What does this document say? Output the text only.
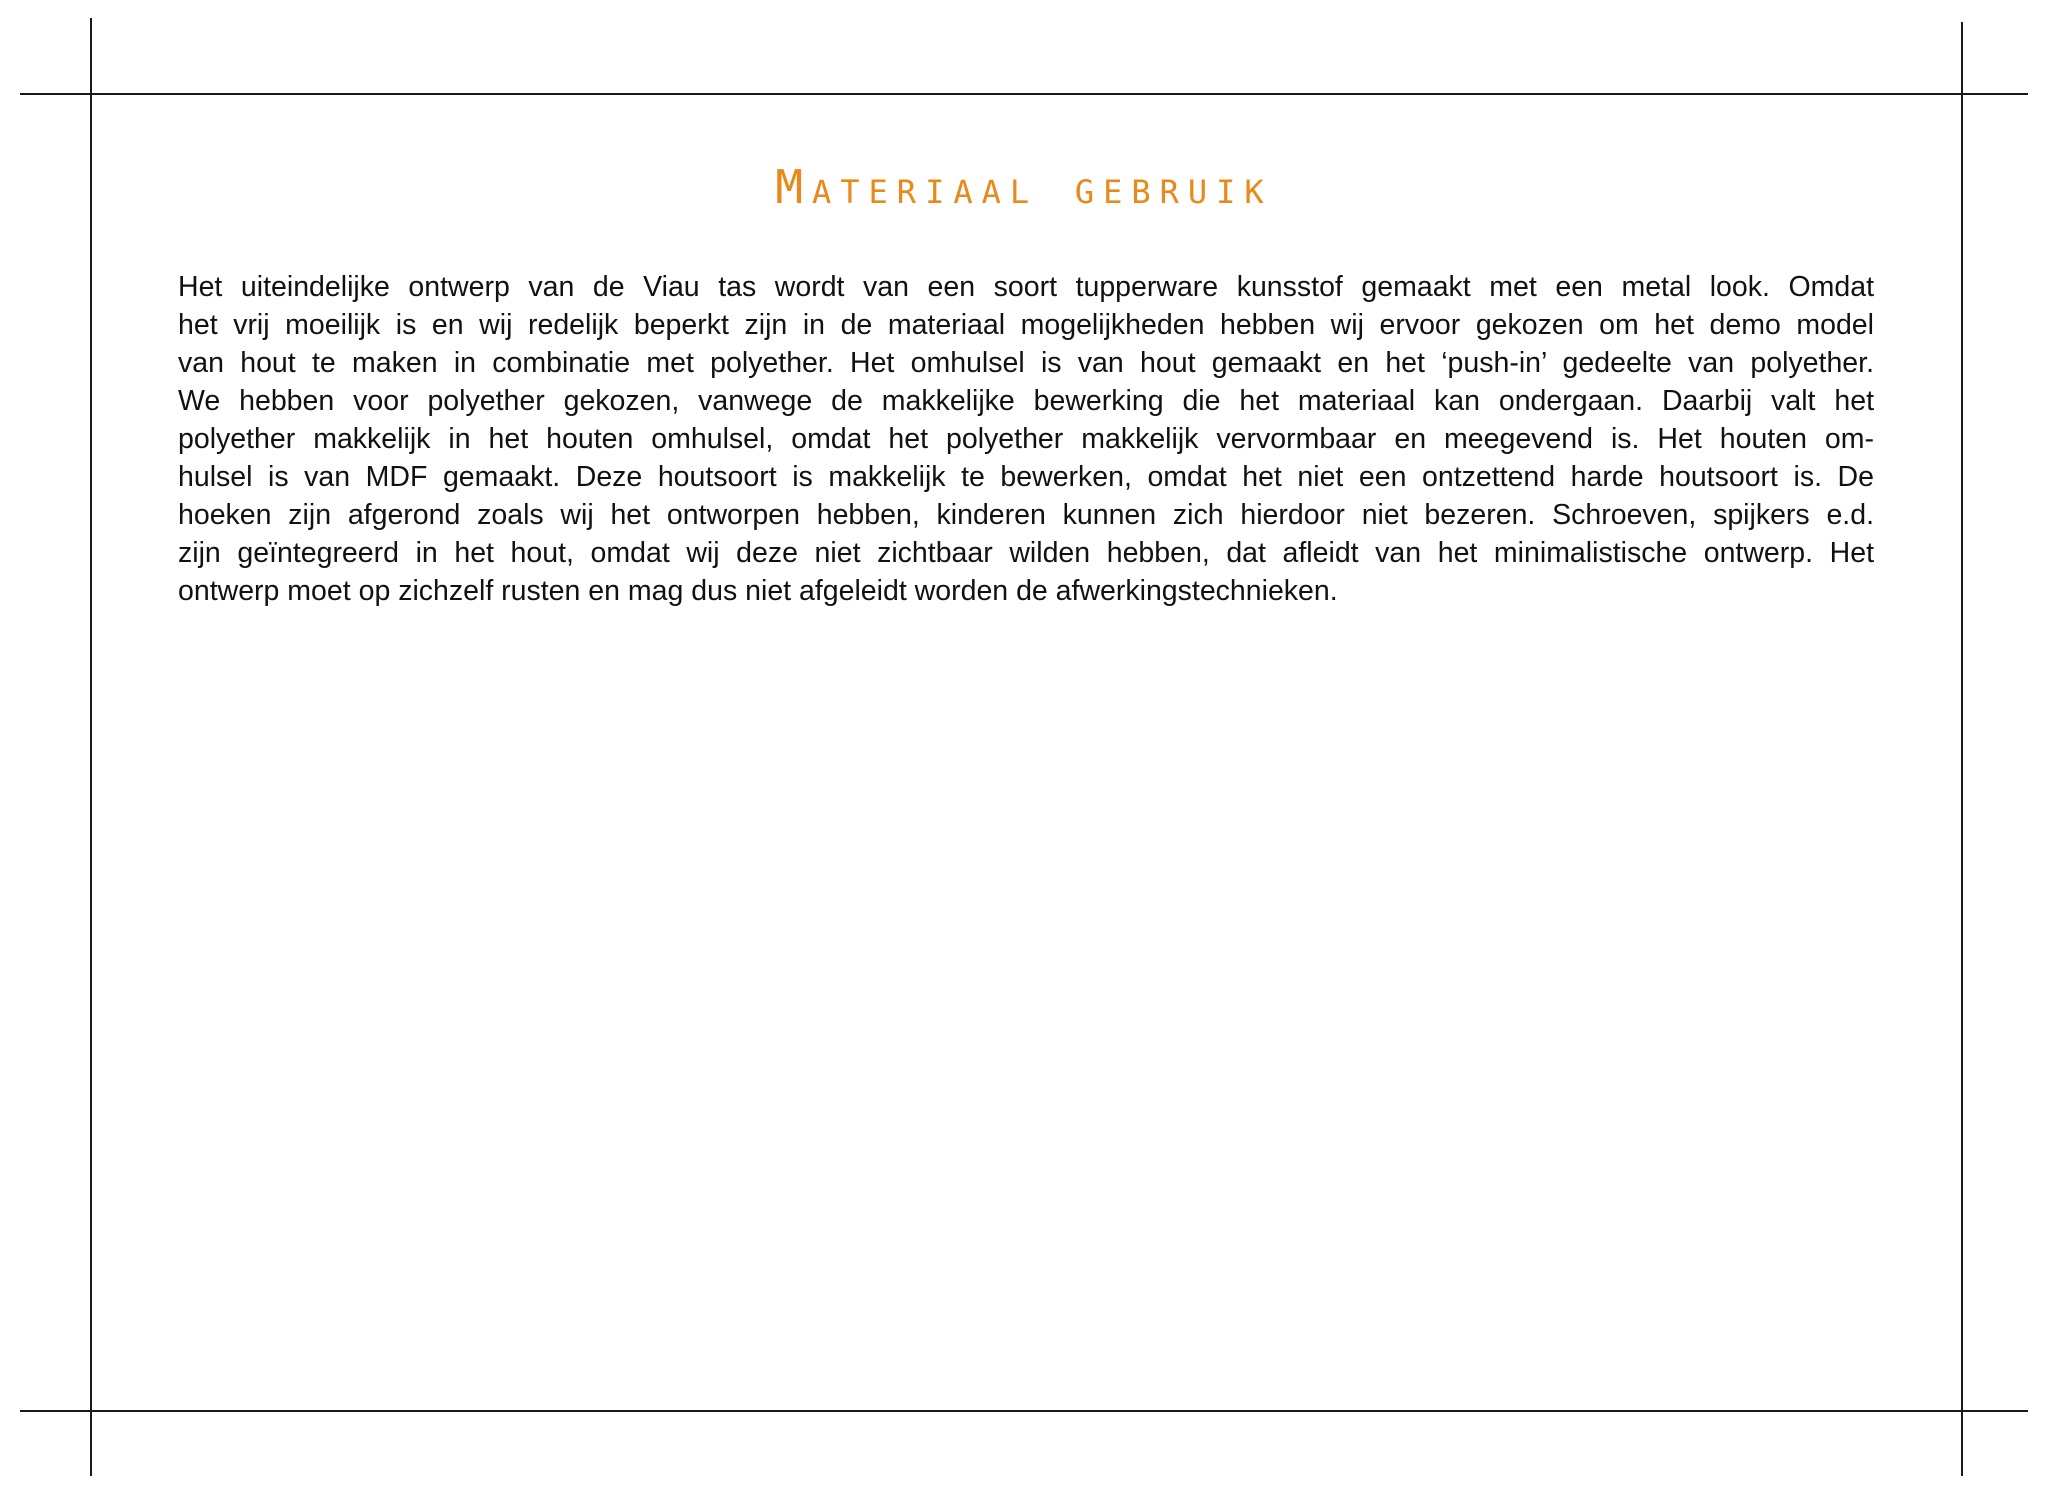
Materiaal gebruik

Het uiteindelijke ontwerp van de Viau tas wordt van een soort tupperware kunsstof gemaakt met een metal look. Omdat
het vrij moeilijk is en wij redelijk beperkt zijn in de materiaal mogelijkheden hebben wij ervoor gekozen om het demo model
van hout te maken in combinatie met polyether. Het omhulsel is van hout gemaakt en het ‘push-in’ gedeelte van polyether.
We hebben voor polyether gekozen, vanwege de makkelijke bewerking die het materiaal kan ondergaan. Daarbij valt het
polyether makkelijk in het houten omhulsel, omdat het polyether makkelijk vervormbaar en meegevend is. Het houten om-
hulsel is van MDF gemaakt. Deze houtsoort is makkelijk te bewerken, omdat het niet een ontzettend harde houtsoort is. De
hoeken zijn afgerond zoals wij het ontworpen hebben, kinderen kunnen zich hierdoor niet bezeren. Schroeven, spijkers e.d.
zijn geïntegreerd in het hout, omdat wij deze niet zichtbaar wilden hebben, dat afleidt van het minimalistische ontwerp. Het
ontwerp moet op zichzelf rusten en mag dus niet afgeleidt worden de afwerkingstechnieken.
